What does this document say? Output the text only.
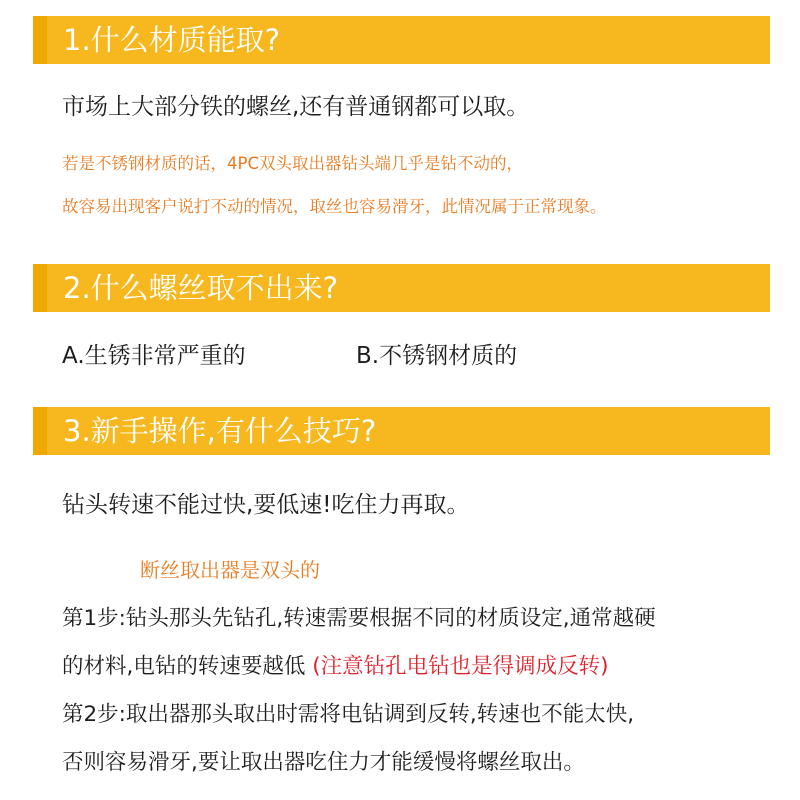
1.什么材质能取?
市场上大部分铁的螺丝,还有普通钢都可以取。
若是不锈钢材质的话，4PC双头取出器钻头端几乎是钻不动的，
故容易出现客户说打不动的情况，取丝也容易滑牙，此情况属于正常现象。
2.什么螺丝取不出来?
A.生锈非常严重的	B.不锈钢材质的
3.新手操作,有什么技巧?
钻头转速不能过快,要低速!吃住力再取。
断丝取出器是双头的
第1步:钻头那头先钻孔,转速需要根据不同的材质设定,通常越硬
的材料,电钻的转速要越低 (注意钻孔电钻也是得调成反转)
第2步:取出器那头取出时需将电钻调到反转,转速也不能太快,
否则容易滑牙,要让取出器吃住力才能缓慢将螺丝取出。
